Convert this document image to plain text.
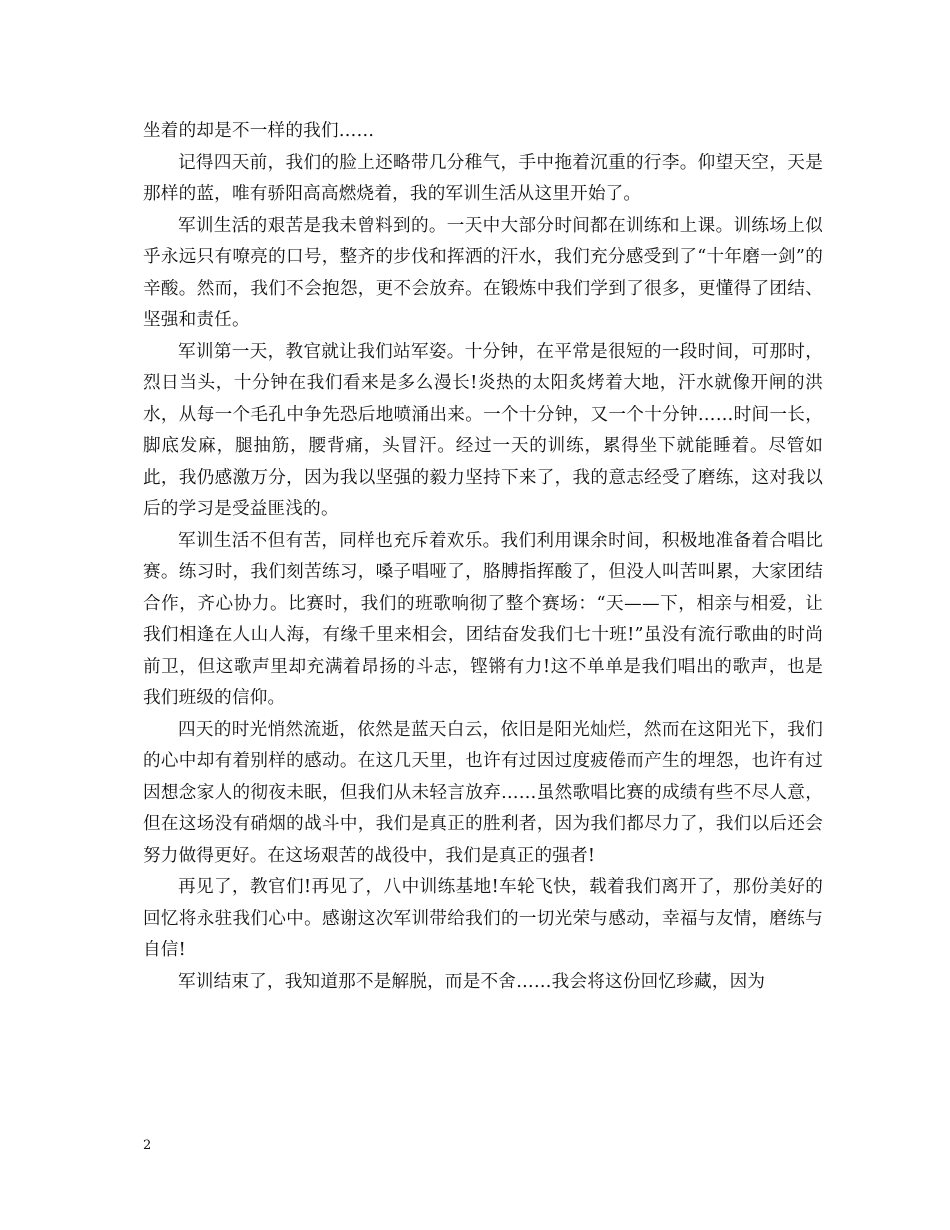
坐着的却是不一样的我们……

记得四天前，我们的脸上还略带几分稚气，手中拖着沉重的行李。仰望天空，天是那样的蓝，唯有骄阳高高燃烧着，我的军训生活从这里开始了。

军训生活的艰苦是我未曾料到的。一天中大部分时间都在训练和上课。训练场上似乎永远只有嘹亮的口号，整齐的步伐和挥洒的汗水，我们充分感受到了“十年磨一剑”的辛酸。然而，我们不会抱怨，更不会放弃。在锻炼中我们学到了很多，更懂得了团结、坚强和责任。

军训第一天，教官就让我们站军姿。十分钟，在平常是很短的一段时间，可那时，烈日当头，十分钟在我们看来是多么漫长!炎热的太阳炙烤着大地，汗水就像开闸的洪水，从每一个毛孔中争先恐后地喷涌出来。一个十分钟，又一个十分钟……时间一长，脚底发麻，腿抽筋，腰背痛，头冒汗。经过一天的训练，累得坐下就能睡着。尽管如此，我仍感激万分，因为我以坚强的毅力坚持下来了，我的意志经受了磨练，这对我以后的学习是受益匪浅的。

军训生活不但有苦，同样也充斥着欢乐。我们利用课余时间，积极地准备着合唱比赛。练习时，我们刻苦练习，嗓子唱哑了，胳膊指挥酸了，但没人叫苦叫累，大家团结合作，齐心协力。比赛时，我们的班歌响彻了整个赛场：“天——下，相亲与相爱，让我们相逢在人山人海，有缘千里来相会，团结奋发我们七十班!”虽没有流行歌曲的时尚前卫，但这歌声里却充满着昂扬的斗志，铿锵有力!这不单单是我们唱出的歌声，也是我们班级的信仰。

四天的时光悄然流逝，依然是蓝天白云，依旧是阳光灿烂，然而在这阳光下，我们的心中却有着别样的感动。在这几天里，也许有过因过度疲倦而产生的埋怨，也许有过因想念家人的彻夜未眠，但我们从未轻言放弃……虽然歌唱比赛的成绩有些不尽人意，但在这场没有硝烟的战斗中，我们是真正的胜利者，因为我们都尽力了，我们以后还会努力做得更好。在这场艰苦的战役中，我们是真正的强者!

再见了，教官们!再见了，八中训练基地!车轮飞快，载着我们离开了，那份美好的回忆将永驻我们心中。感谢这次军训带给我们的一切光荣与感动，幸福与友情，磨练与自信!

军训结束了，我知道那不是解脱，而是不舍……我会将这份回忆珍藏，因为

2
